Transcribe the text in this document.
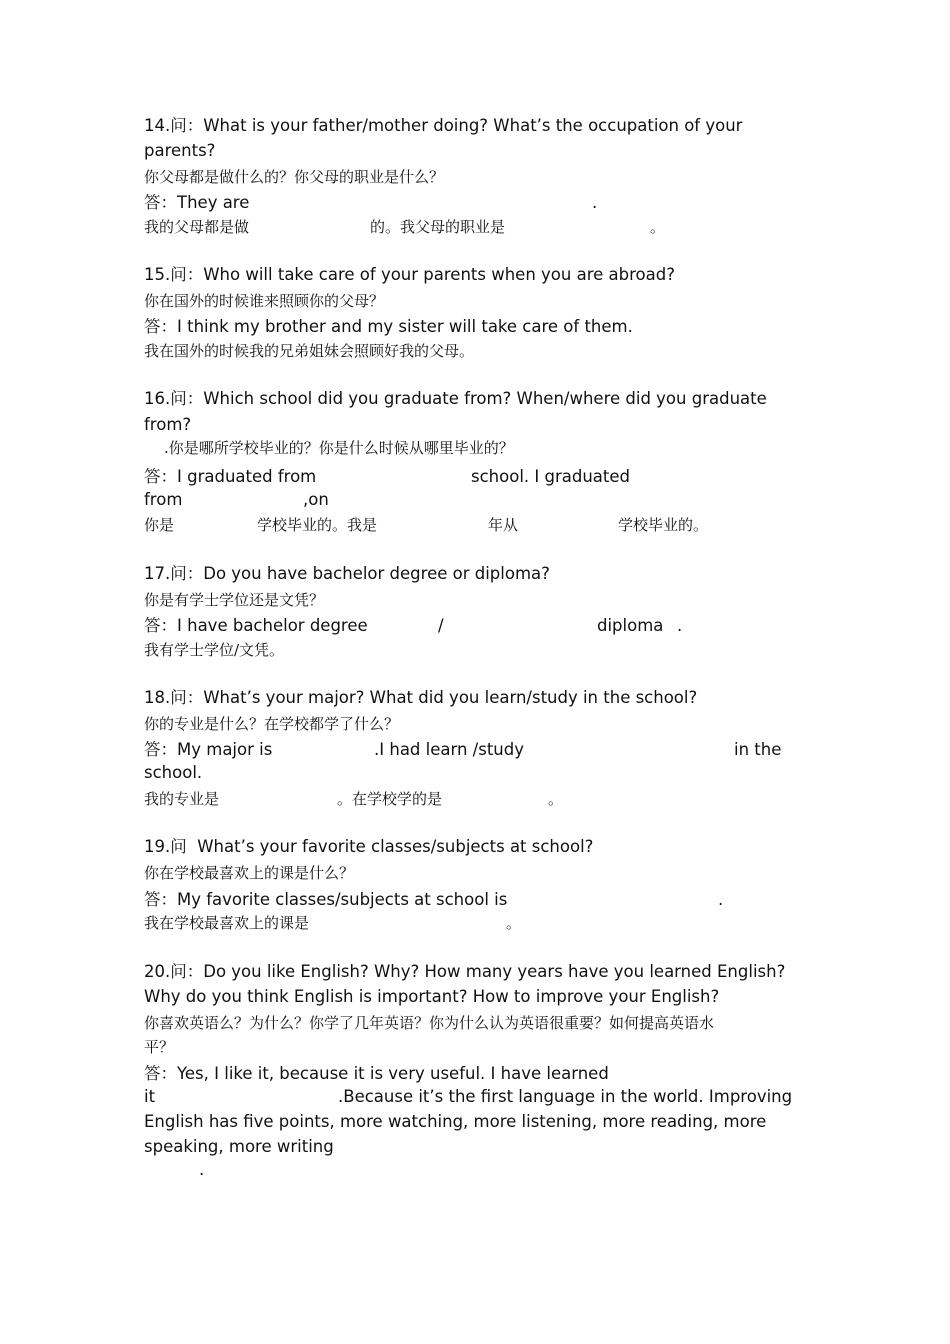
14.问：What is your father/mother doing? What’s the occupation of your
parents?
你父母都是做什么的？你父母的职业是什么？
答：They are	.
我的父母都是做	的。我父母的职业是	。
15.问：Who will take care of your parents when you are abroad?
你在国外的时候谁来照顾你的父母？
答：I think my brother and my sister will take care of them.
我在国外的时候我的兄弟姐妹会照顾好我的父母。
16.问：Which school did you graduate from? When/where did you graduate
from?
.你是哪所学校毕业的？你是什么时候从哪里毕业的？
答：I graduated from	school. I graduated
from	,on
你是	学校毕业的。我是	年从	学校毕业的。
17.问：Do you have bachelor degree or diploma?
你是有学士学位还是文凭？
答：I have bachelor degree	/	diploma .
我有学士学位/文凭。
18.问：What’s your major? What did you learn/study in the school?
你的专业是什么？在学校都学了什么？
答：My major is	.I had learn /study	in the
school.
我的专业是	。在学校学的是	。
19.问  What’s your favorite classes/subjects at school?
你在学校最喜欢上的课是什么？
答：My favorite classes/subjects at school is	.
我在学校最喜欢上的课是	。
20.问：Do you like English? Why? How many years have you learned English?
Why do you think English is important? How to improve your English?
你喜欢英语么？为什么？你学了几年英语？你为什么认为英语很重要？如何提高英语水
平？
答：Yes, I like it, because it is very useful. I have learned
it	.Because it’s the first language in the world. Improving
English has five points, more watching, more listening, more reading, more
speaking, more writing
.
